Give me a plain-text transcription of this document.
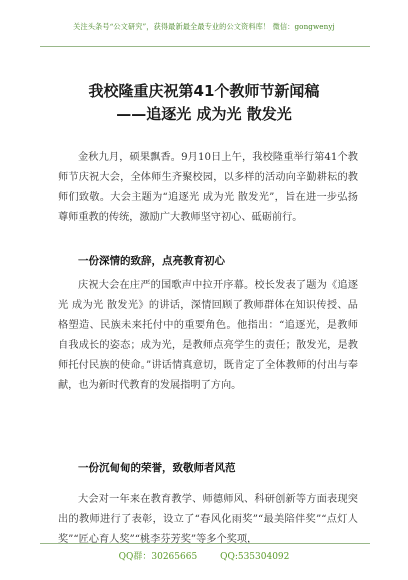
关注头条号“公文研究”，获得最新最全最专业的公文资料库！ 微信：gongwenyj
我校隆重庆祝第41个教师节新闻稿
——追逐光 成为光 散发光
金秋九月，硕果飘香。9月10日上午，我校隆重举行第41个教师节庆祝大会，全体师生齐聚校园，以多样的活动向辛勤耕耘的教师们致敬。大会主题为“追逐光 成为光 散发光”，旨在进一步弘扬尊师重教的传统，激励广大教师坚守初心、砥砺前行。
一份深情的致辞，点亮教育初心
庆祝大会在庄严的国歌声中拉开序幕。校长发表了题为《追逐光 成为光 散发光》的讲话，深情回顾了教师群体在知识传授、品格塑造、民族未来托付中的重要角色。他指出：“追逐光，是教师自我成长的姿态；成为光，是教师点亮学生的责任；散发光，是教师托付民族的使命。”讲话情真意切，既肯定了全体教师的付出与奉献，也为新时代教育的发展指明了方向。
一份沉甸甸的荣誉，致敬师者风范
大会对一年来在教育教学、师德师风、科研创新等方面表现突出的教师进行了表彰，设立了“春风化雨奖”“最美陪伴奖”“点灯人奖”“匠心育人奖”“桃李芬芳奖”等多个奖项，
QQ群：30265665	QQ:535304092
